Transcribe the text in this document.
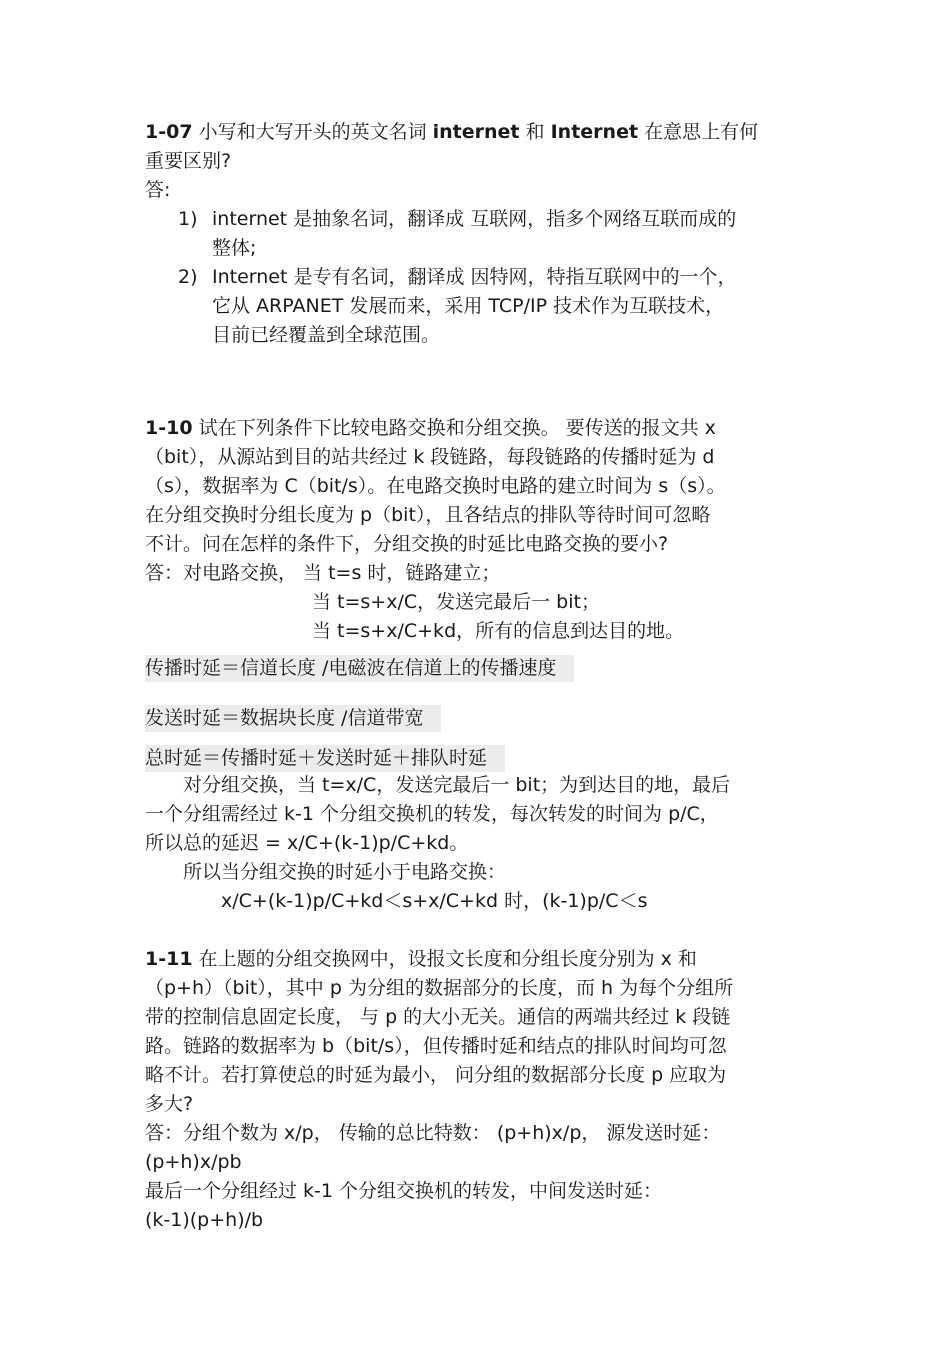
1-07 小写和大写开头的英文名词 internet 和 Internet 在意思上有何
重要区别?
答:
1) internet 是抽象名词，翻译成 互联网，指多个网络互联而成的
整体;
2) Internet 是专有名词，翻译成 因特网，特指互联网中的一个，
它从 ARPANET 发展而来，采用 TCP/IP 技术作为互联技术，
目前已经覆盖到全球范围。
1-10 试在下列条件下比较电路交换和分组交换。 要传送的报文共 x
（bit），从源站到目的站共经过 k 段链路，每段链路的传播时延为 d
（s），数据率为 C（bit/s）。在电路交换时电路的建立时间为 s（s）。
在分组交换时分组长度为 p（bit），且各结点的排队等待时间可忽略
不计。问在怎样的条件下，分组交换的时延比电路交换的要小?
答：对电路交换， 当 t=s 时，链路建立；
当 t=s+x/C，发送完最后一 bit；
当 t=s+x/C+kd，所有的信息到达目的地。
传播时延＝信道长度 /电磁波在信道上的传播速度
发送时延＝数据块长度 /信道带宽
总时延＝传播时延＋发送时延＋排队时延
对分组交换，当 t=x/C，发送完最后一 bit；为到达目的地，最后
一个分组需经过 k-1 个分组交换机的转发，每次转发的时间为 p/C，
所以总的延迟 = x/C+(k-1)p/C+kd。
所以当分组交换的时延小于电路交换：
x/C+(k-1)p/C+kd＜s+x/C+kd 时，(k-1)p/C＜s
1-11 在上题的分组交换网中，设报文长度和分组长度分别为 x 和
（p+h）（bit），其中 p 为分组的数据部分的长度，而 h 为每个分组所
带的控制信息固定长度， 与 p 的大小无关。通信的两端共经过 k 段链
路。链路的数据率为 b（bit/s），但传播时延和结点的排队时间均可忽
略不计。若打算使总的时延为最小， 问分组的数据部分长度 p 应取为
多大?
答：分组个数为 x/p， 传输的总比特数： (p+h)x/p， 源发送时延：
(p+h)x/pb
最后一个分组经过 k-1 个分组交换机的转发，中间发送时延：
(k-1)(p+h)/b
